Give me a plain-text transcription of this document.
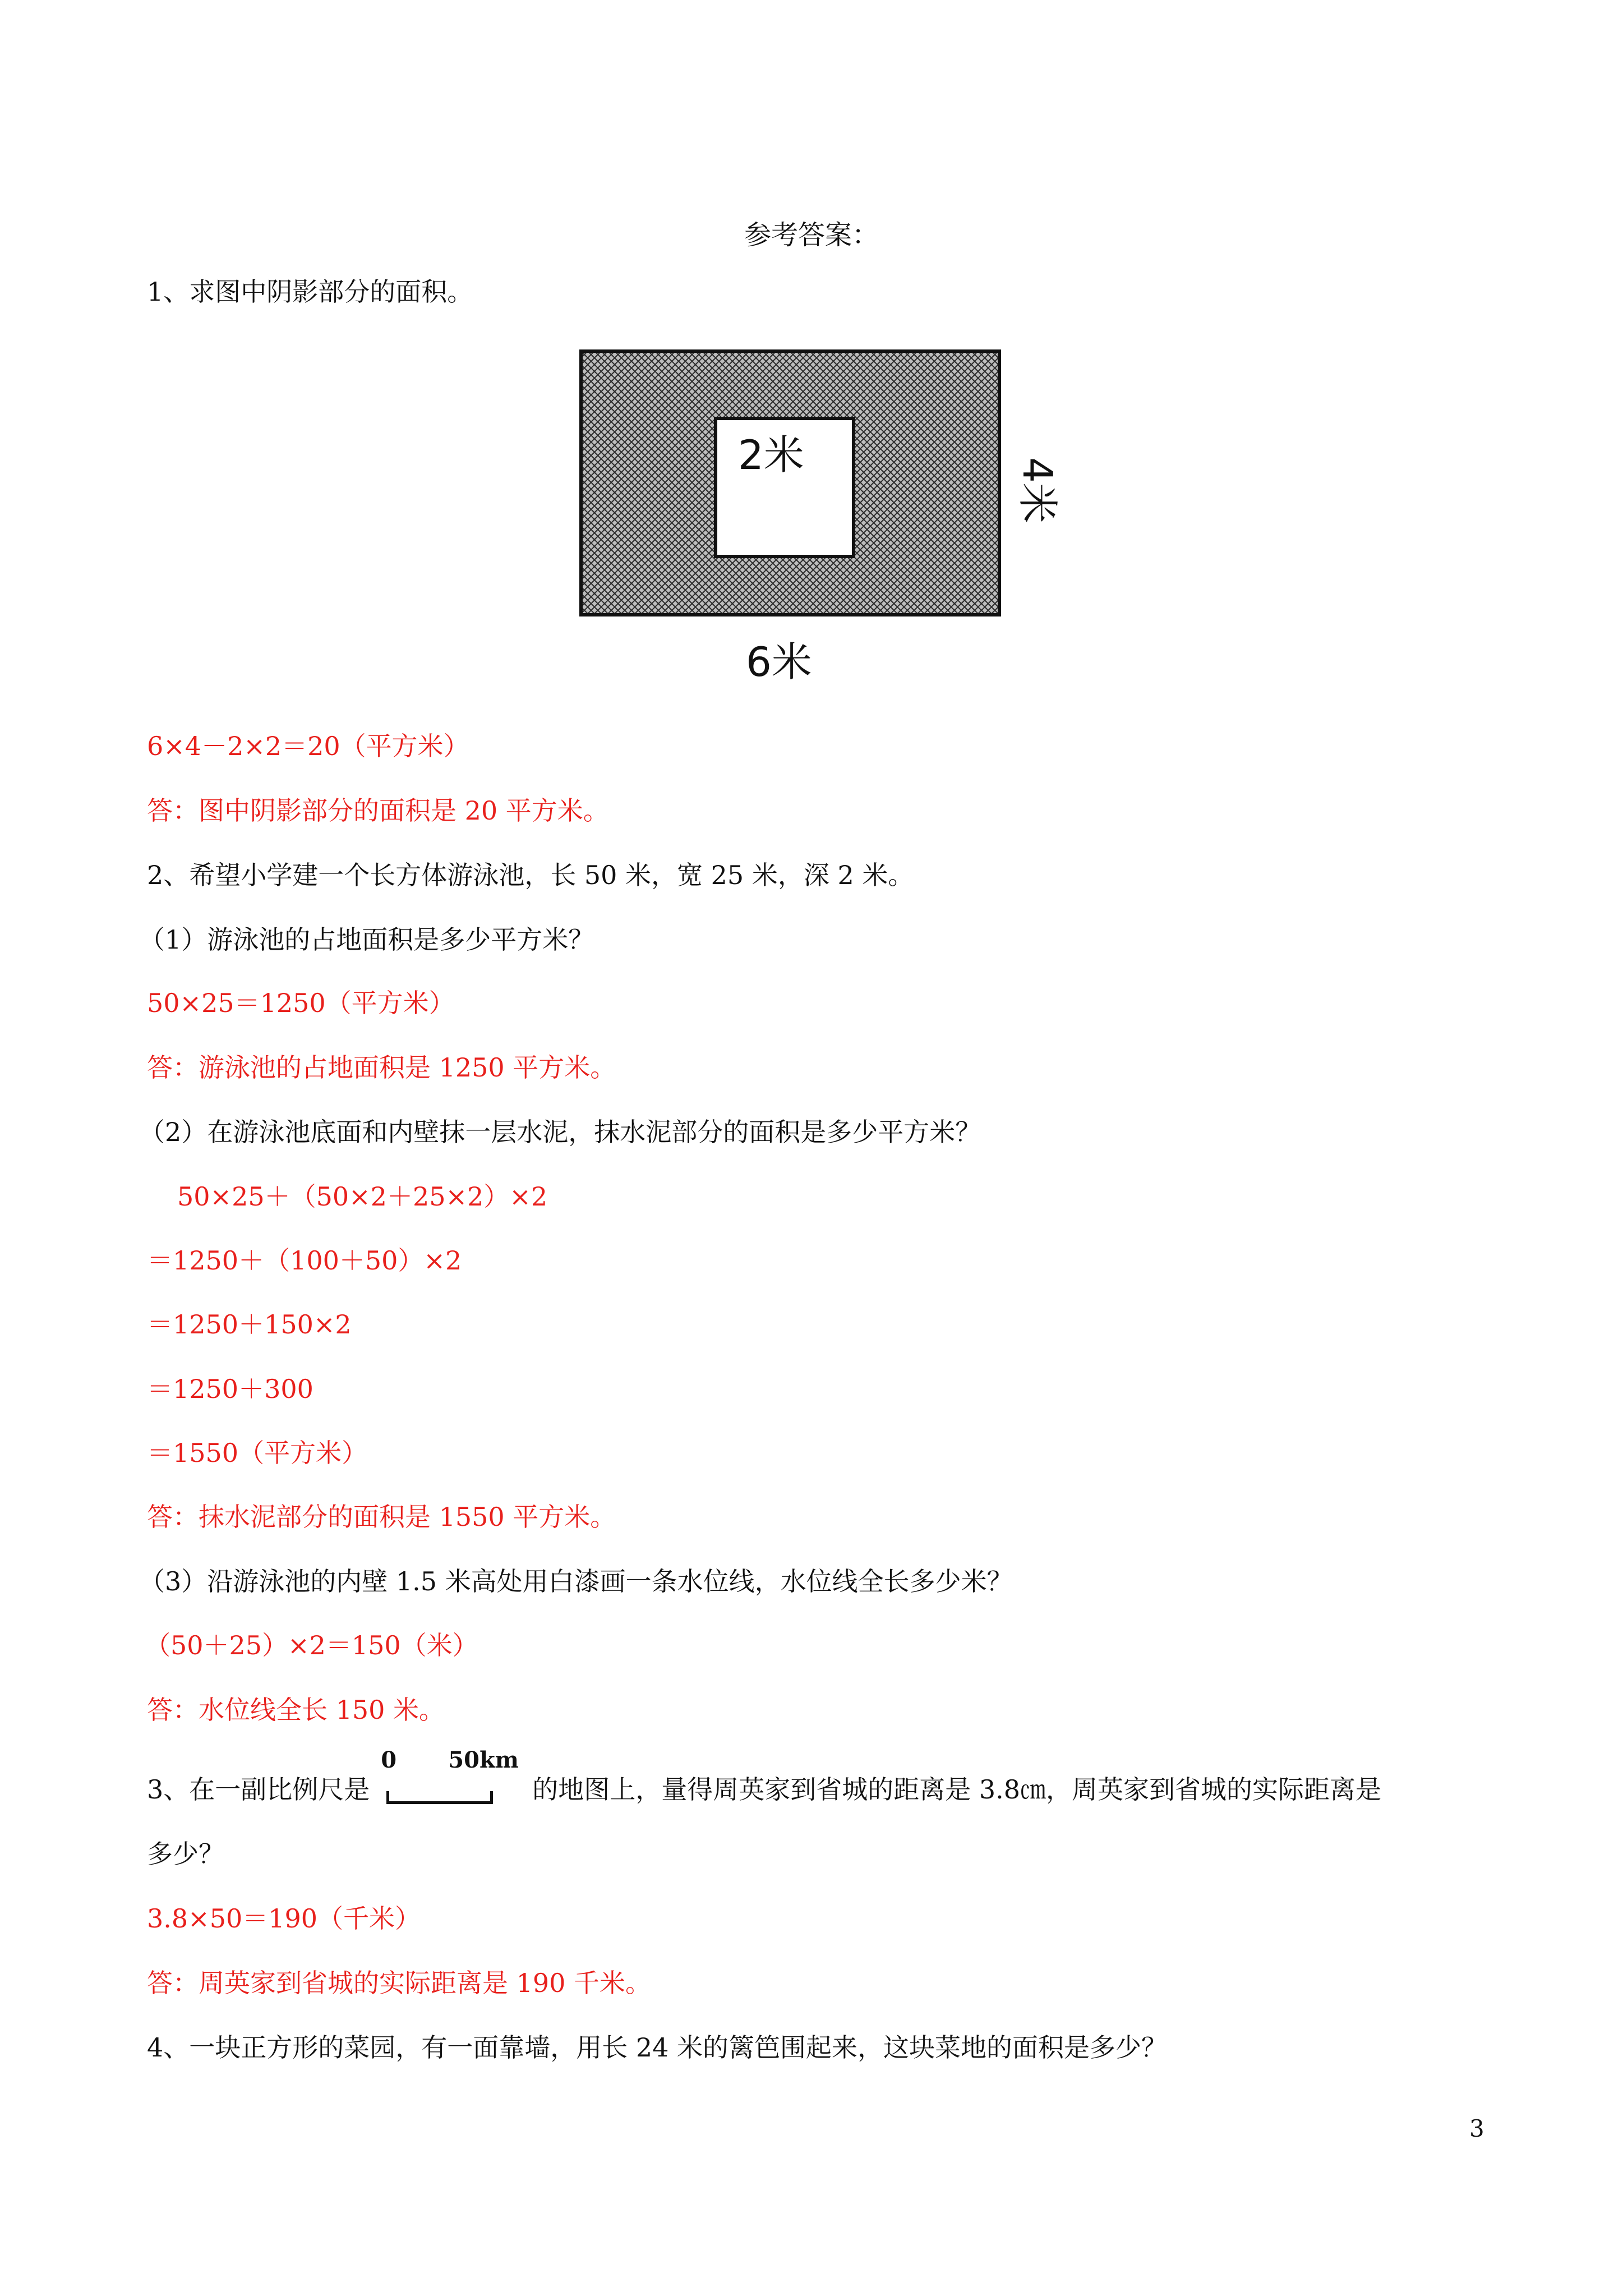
参考答案：
1、求图中阴影部分的面积。
2米
4米
6米
6×4－2×2＝20（平方米）
答：图中阴影部分的面积是 20 平方米。
2、希望小学建一个长方体游泳池，长 50 米，宽 25 米，深 2 米。
（1）游泳池的占地面积是多少平方米？
50×25＝1250（平方米）
答：游泳池的占地面积是 1250 平方米。
（2）在游泳池底面和内壁抹一层水泥，抹水泥部分的面积是多少平方米？
50×25＋（50×2＋25×2）×2
＝1250＋（100＋50）×2
＝1250＋150×2
＝1250＋300
＝1550（平方米）
答：抹水泥部分的面积是 1550 平方米。
（3）沿游泳池的内壁 1.5 米高处用白漆画一条水位线，水位线全长多少米？
（50＋25）×2＝150（米）
答：水位线全长 150 米。
3、在一副比例尺是
0 50km
的地图上，量得周英家到省城的距离是 3.8㎝，周英家到省城的实际距离是
多少？
3.8×50＝190（千米）
答：周英家到省城的实际距离是 190 千米。
4、一块正方形的菜园，有一面靠墙，用长 24 米的篱笆围起来，这块菜地的面积是多少？
3
